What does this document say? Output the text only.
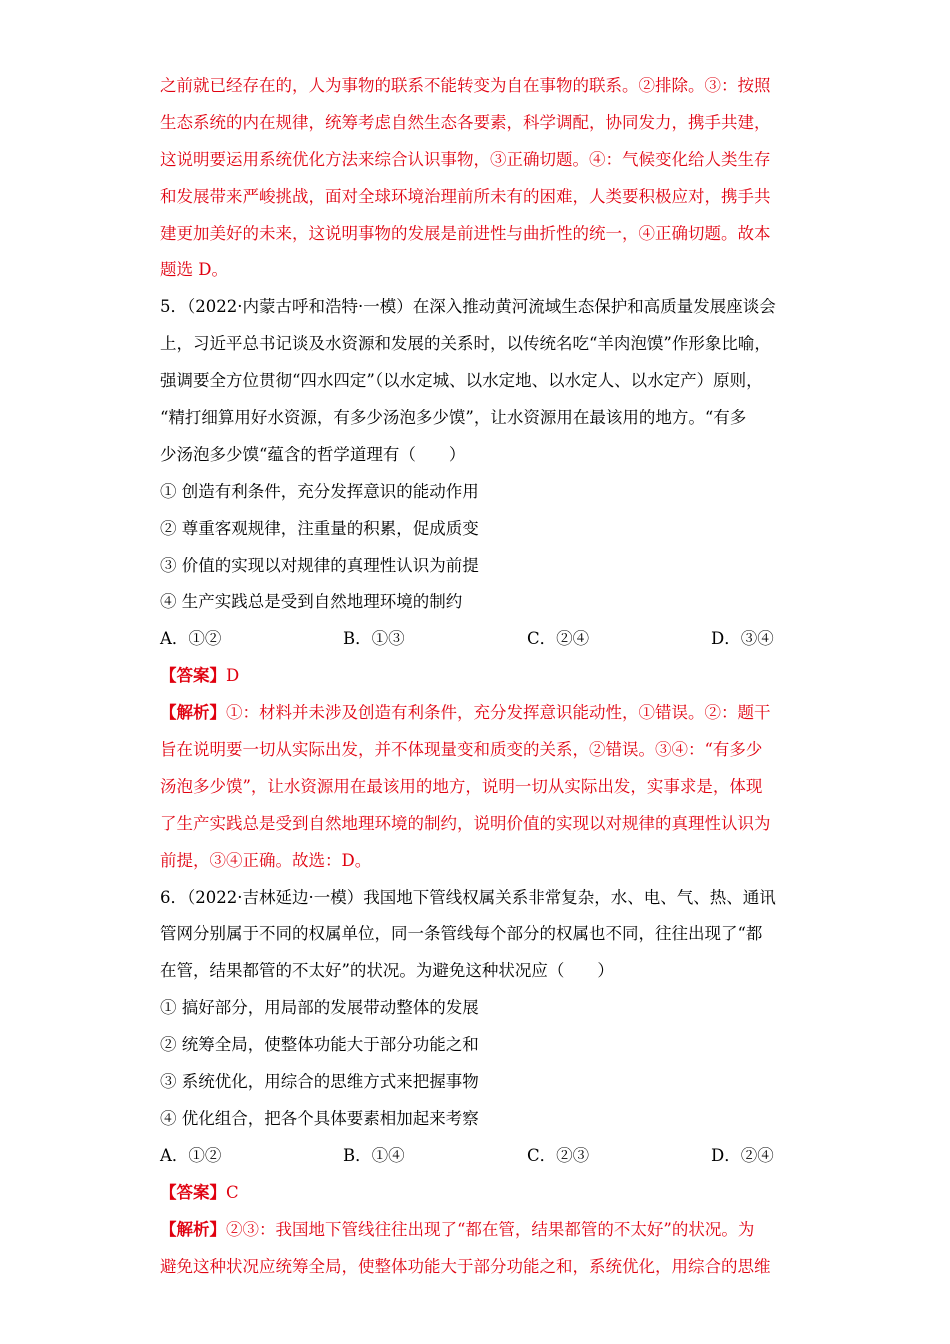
之前就已经存在的，人为事物的联系不能转变为自在事物的联系。②排除。③：按照
生态系统的内在规律，统筹考虑自然生态各要素，科学调配，协同发力，携手共建，
这说明要运用系统优化方法来综合认识事物，③正确切题。④：气候变化给人类生存
和发展带来严峻挑战，面对全球环境治理前所未有的困难，人类要积极应对，携手共
建更加美好的未来，这说明事物的发展是前进性与曲折性的统一，④正确切题。故本
题选 D。
5．（2022·内蒙古呼和浩特·一模）在深入推动黄河流域生态保护和高质量发展座谈会
上，习近平总书记谈及水资源和发展的关系时，以传统名吃“羊肉泡馍”作形象比喻，
强调要全方位贯彻“四水四定”（以水定城、以水定地、以水定人、以水定产）原则，
“精打细算用好水资源，有多少汤泡多少馍”，让水资源用在最该用的地方。“有多
少汤泡多少馍“蕴含的哲学道理有（　　）
① 创造有利条件，充分发挥意识的能动作用
② 尊重客观规律，注重量的积累，促成质变
③ 价值的实现以对规律的真理性认识为前提
④ 生产实践总是受到自然地理环境的制约
A．①②	B．①③	C．②④	D．③④
【答案】D
【解析】①：材料并未涉及创造有利条件，充分发挥意识能动性，①错误。②：题干
旨在说明要一切从实际出发，并不体现量变和质变的关系，②错误。③④：“有多少
汤泡多少馍”，让水资源用在最该用的地方，说明一切从实际出发，实事求是，体现
了生产实践总是受到自然地理环境的制约，说明价值的实现以对规律的真理性认识为
前提，③④正确。故选：D。
6．（2022·吉林延边·一模）我国地下管线权属关系非常复杂，水、电、气、热、通讯
管网分别属于不同的权属单位，同一条管线每个部分的权属也不同，往往出现了“都
在管，结果都管的不太好”的状况。为避免这种状况应（　　）
① 搞好部分，用局部的发展带动整体的发展
② 统筹全局，使整体功能大于部分功能之和
③ 系统优化，用综合的思维方式来把握事物
④ 优化组合，把各个具体要素相加起来考察
A．①②	B．①④	C．②③	D．②④
【答案】C
【解析】②③：我国地下管线往往出现了“都在管，结果都管的不太好”的状况。为
避免这种状况应统筹全局，使整体功能大于部分功能之和，系统优化，用综合的思维
